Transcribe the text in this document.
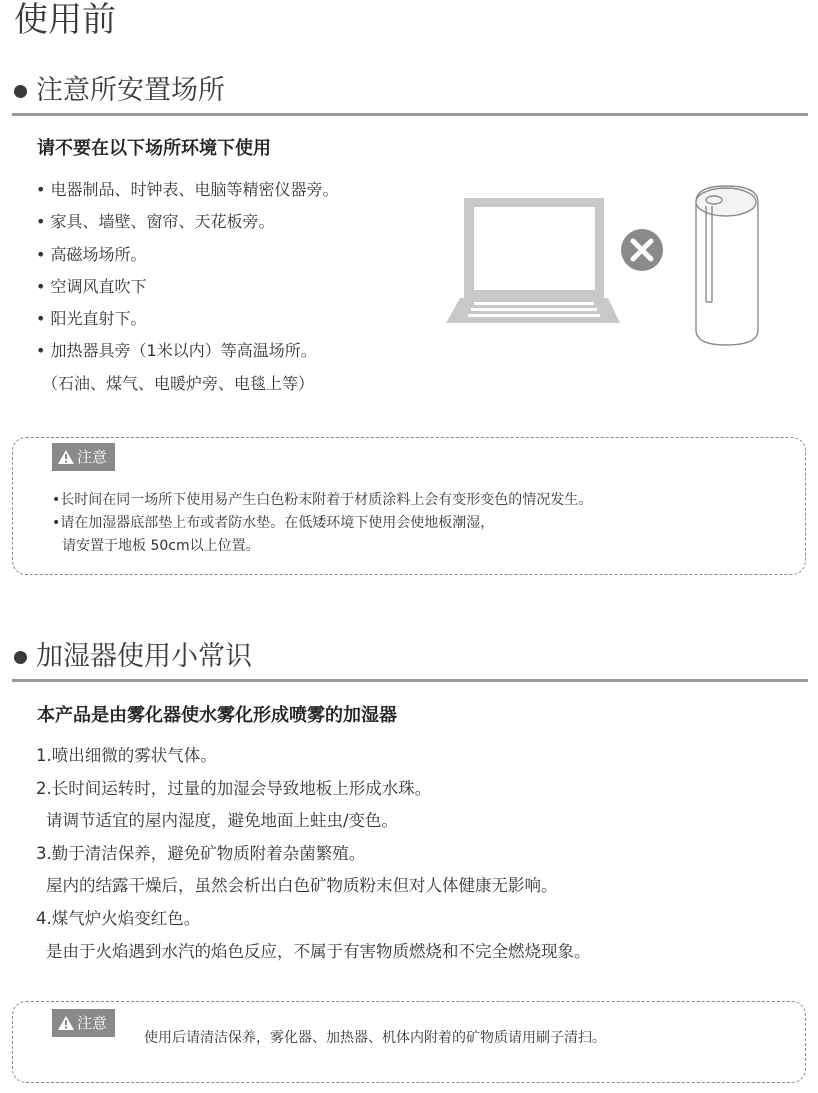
使用前
注意所安置场所
请不要在以下场所环境下使用
• 电器制品、时钟表、电脑等精密仪器旁。
• 家具、墙壁、窗帘、天花板旁。
• 高磁场场所。
• 空调风直吹下
• 阳光直射下。
• 加热器具旁（1米以内）等高温场所。
（石油、煤气、电暖炉旁、电毯上等）
注意
•长时间在同一场所下使用易产生白色粉末附着于材质涂料上会有变形变色的情况发生。
•请在加湿器底部垫上布或者防水垫。在低矮环境下使用会使地板潮湿，
请安置于地板 50cm以上位置。
加湿器使用小常识
本产品是由雾化器使水雾化形成喷雾的加湿器
1.喷出细微的雾状气体。
2.长时间运转时，过量的加湿会导致地板上形成水珠。
请调节适宜的屋内湿度，避免地面上蛀虫/变色。
3.勤于清洁保养，避免矿物质附着杂菌繁殖。
屋内的结露干燥后，虽然会析出白色矿物质粉末但对人体健康无影响。
4.煤气炉火焰变红色。
是由于火焰遇到水汽的焰色反应，不属于有害物质燃烧和不完全燃烧现象。
注意
使用后请清洁保养，雾化器、加热器、机体内附着的矿物质请用刷子清扫。
